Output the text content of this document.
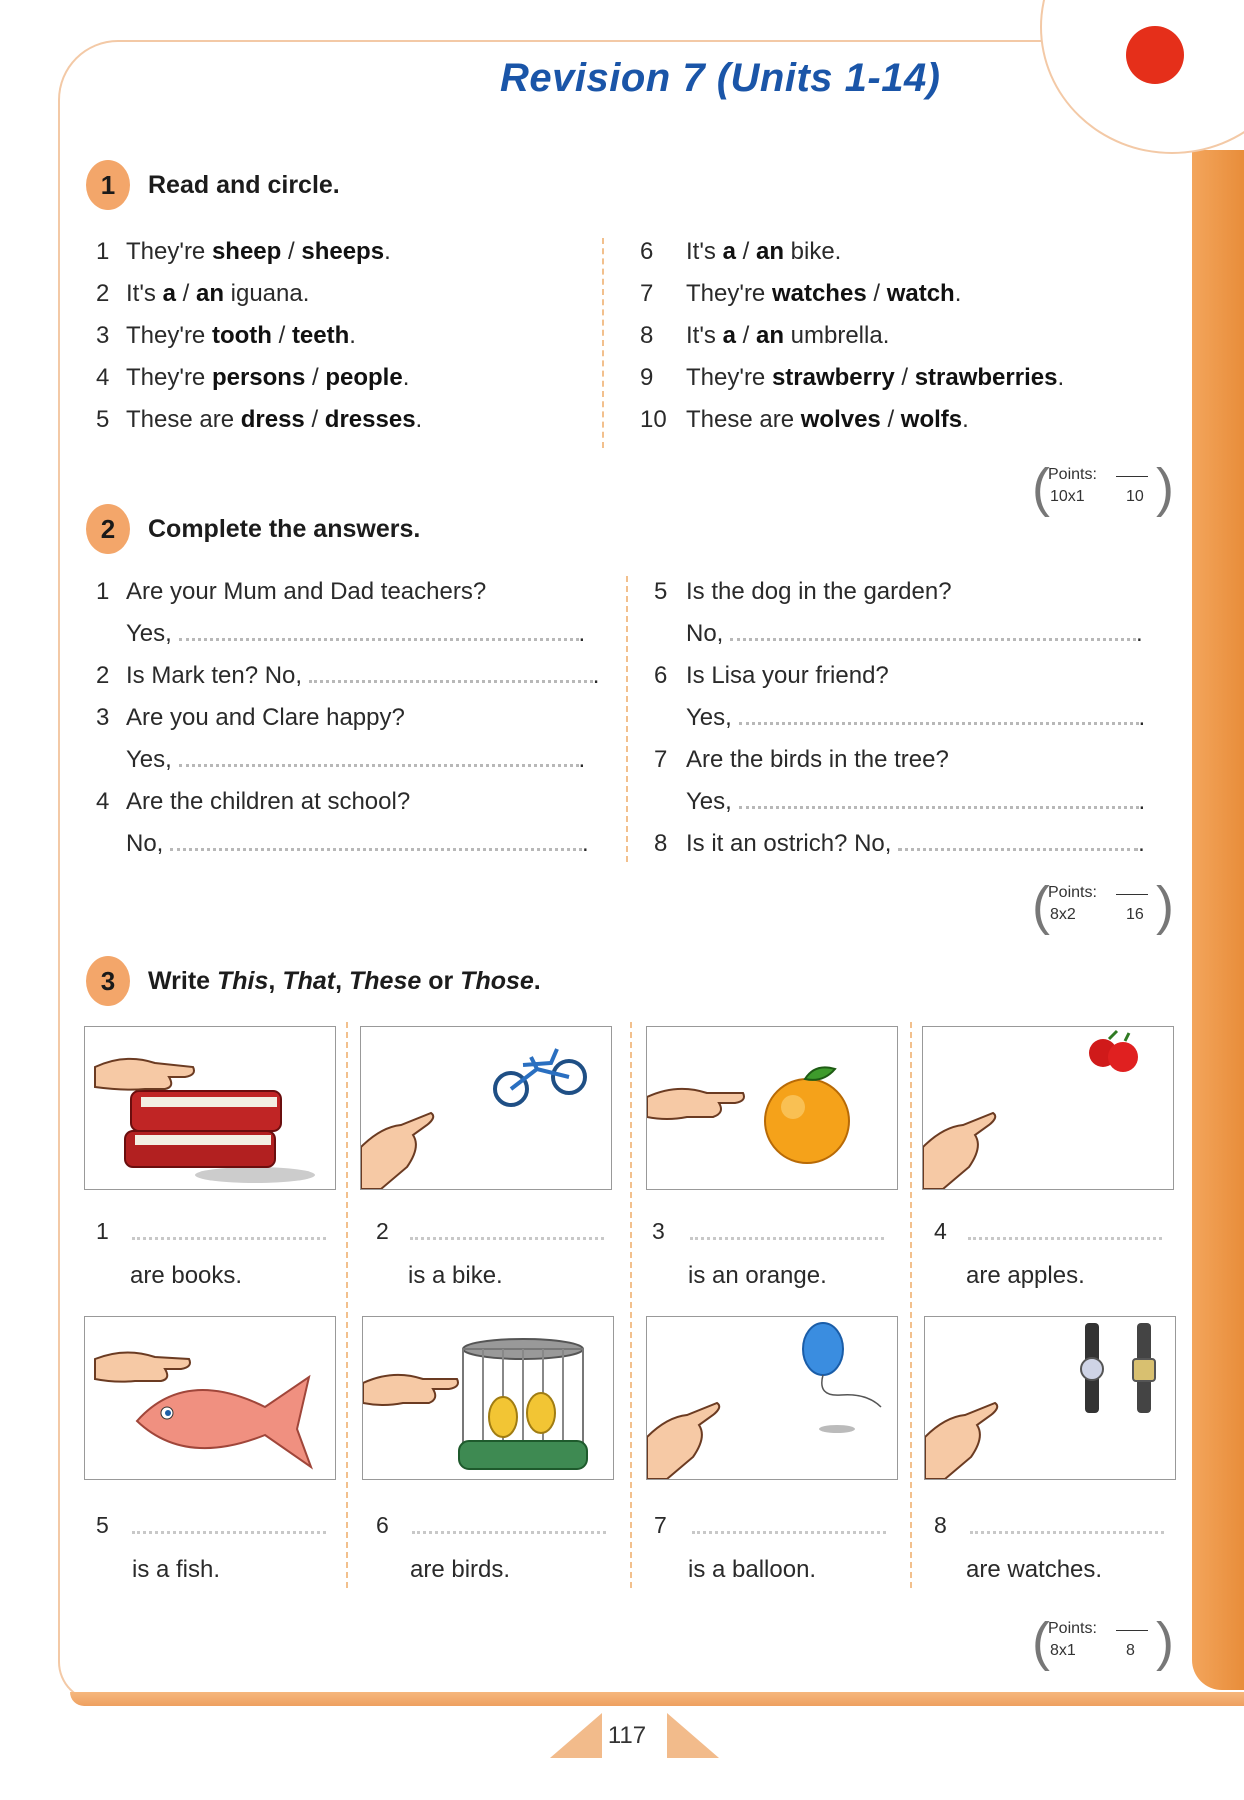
Revision 7 (Units 1-14)
1	Read and circle.
1 They're sheep / sheeps.
2 It's a / an iguana.
3 They're tooth / teeth.
4 They're persons / people.
5 These are dress / dresses.
6 It's a / an bike.
7 They're watches / watch.
8 It's a / an umbrella.
9 They're strawberry / strawberries.
10 These are wolves / wolfs.
(
Points:
10x1	10 )
2	Complete the answers.
1 Are your Mum and Dad teachers?
Yes,	.
2 Is Mark ten? No,	.
3 Are you and Clare happy?
Yes,	.
4 Are the children at school?
No,	.
5 Is the dog in the garden?
No,	.
6 Is Lisa your friend?
Yes,	.
7 Are the birds in the tree?
Yes,	.
8 Is it an ostrich? No,	.
(
Points:
8x2	16 )
3	Write This, That, These or Those.
1
are books.
2
is a bike.
3
is an orange.
4
are apples.
5
is a fish.
6
are birds.
7
is a balloon.
8
are watches.
(
Points:
8x1	8 )
117
